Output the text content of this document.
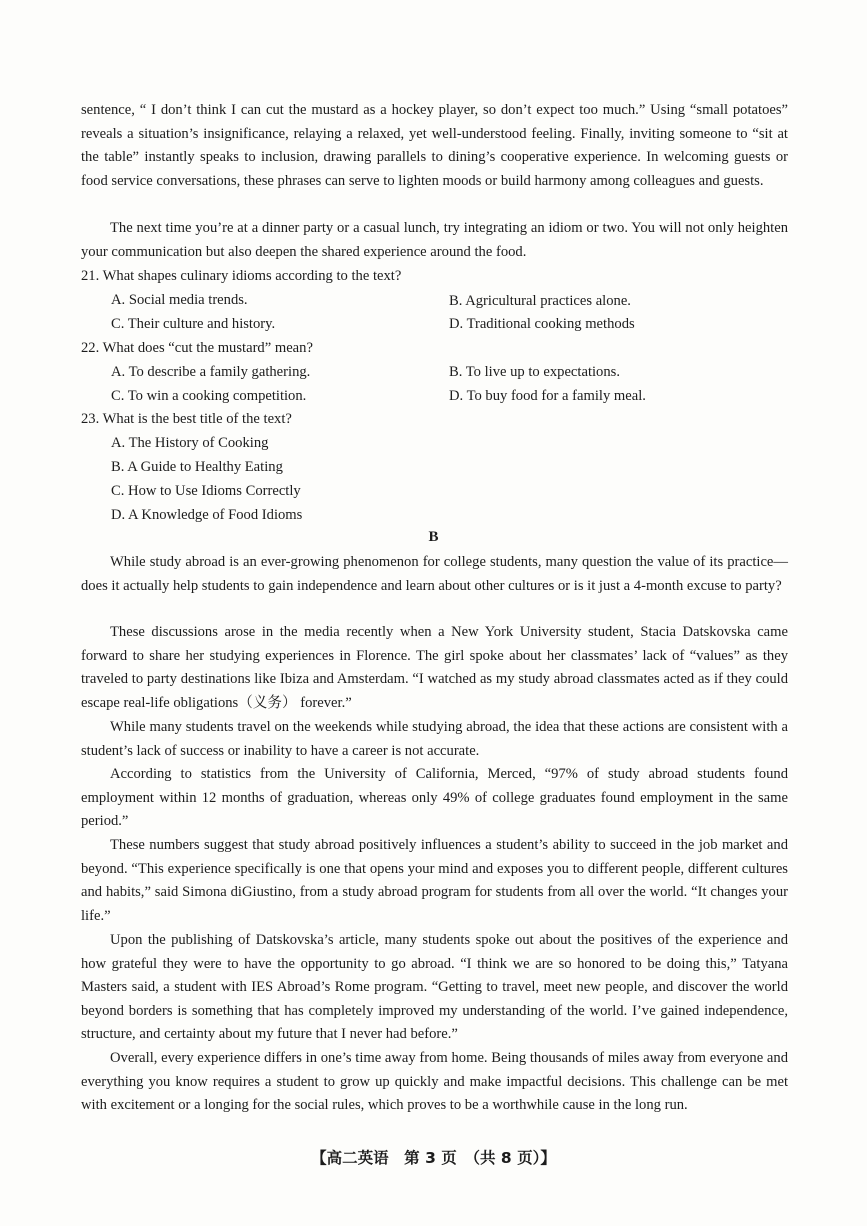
sentence, “ I don’t think I can cut the mustard as a hockey player, so don’t expect too much.” Using “small potatoes” reveals a situation’s insignificance, relaying a relaxed, yet well-understood feeling. Finally, inviting someone to “sit at the table” instantly speaks to inclusion, drawing parallels to dining’s cooperative experience. In welcoming guests or food service conversations, these phrases can serve to lighten moods or build harmony among colleagues and guests.

The next time you’re at a dinner party or a casual lunch, try integrating an idiom or two. You will not only heighten your communication but also deepen the shared experience around the food.

21. What shapes culinary idioms according to the text?
A. Social media trends.	B. Agricultural practices alone.
C. Their culture and history.	D. Traditional cooking methods
22. What does “cut the mustard” mean?
A. To describe a family gathering.	B. To live up to expectations.
C. To win a cooking competition.	D. To buy food for a family meal.
23. What is the best title of the text?
A. The History of Cooking
B. A Guide to Healthy Eating
C. How to Use Idioms Correctly
D. A Knowledge of Food Idioms
B

While study abroad is an ever-growing phenomenon for college students, many question the value of its practice—does it actually help students to gain independence and learn about other cultures or is it just a 4-month excuse to party?

These discussions arose in the media recently when a New York University student, Stacia Datskovska came forward to share her studying experiences in Florence. The girl spoke about her classmates’ lack of “values” as they traveled to party destinations like Ibiza and Amsterdam. “I watched as my study abroad classmates acted as if they could escape real-life obligations（义务） forever.”

While many students travel on the weekends while studying abroad, the idea that these actions are consistent with a student’s lack of success or inability to have a career is not accurate.

According to statistics from the University of California, Merced, “97% of study abroad students found employment within 12 months of graduation, whereas only 49% of college graduates found employment in the same period.”

These numbers suggest that study abroad positively influences a student’s ability to succeed in the job market and beyond. “This experience specifically is one that opens your mind and exposes you to different people, different cultures and habits,” said Simona diGiustino, from a study abroad program for students from all over the world. “It changes your life.”

Upon the publishing of Datskovska’s article, many students spoke out about the positives of the experience and how grateful they were to have the opportunity to go abroad. “I think we are so honored to be doing this,” Tatyana Masters said, a student with IES Abroad’s Rome program. “Getting to travel, meet new people, and discover the world beyond borders is something that has completely improved my understanding of the world. I’ve gained independence, structure, and certainty about my future that I never had before.”

Overall, every experience differs in one’s time away from home. Being thousands of miles away from everyone and everything you know requires a student to grow up quickly and make impactful decisions. This challenge can be met with excitement or a longing for the social rules, which proves to be a worthwhile cause in the long run.

【高二英语　第 3 页　（共 8 页）】
